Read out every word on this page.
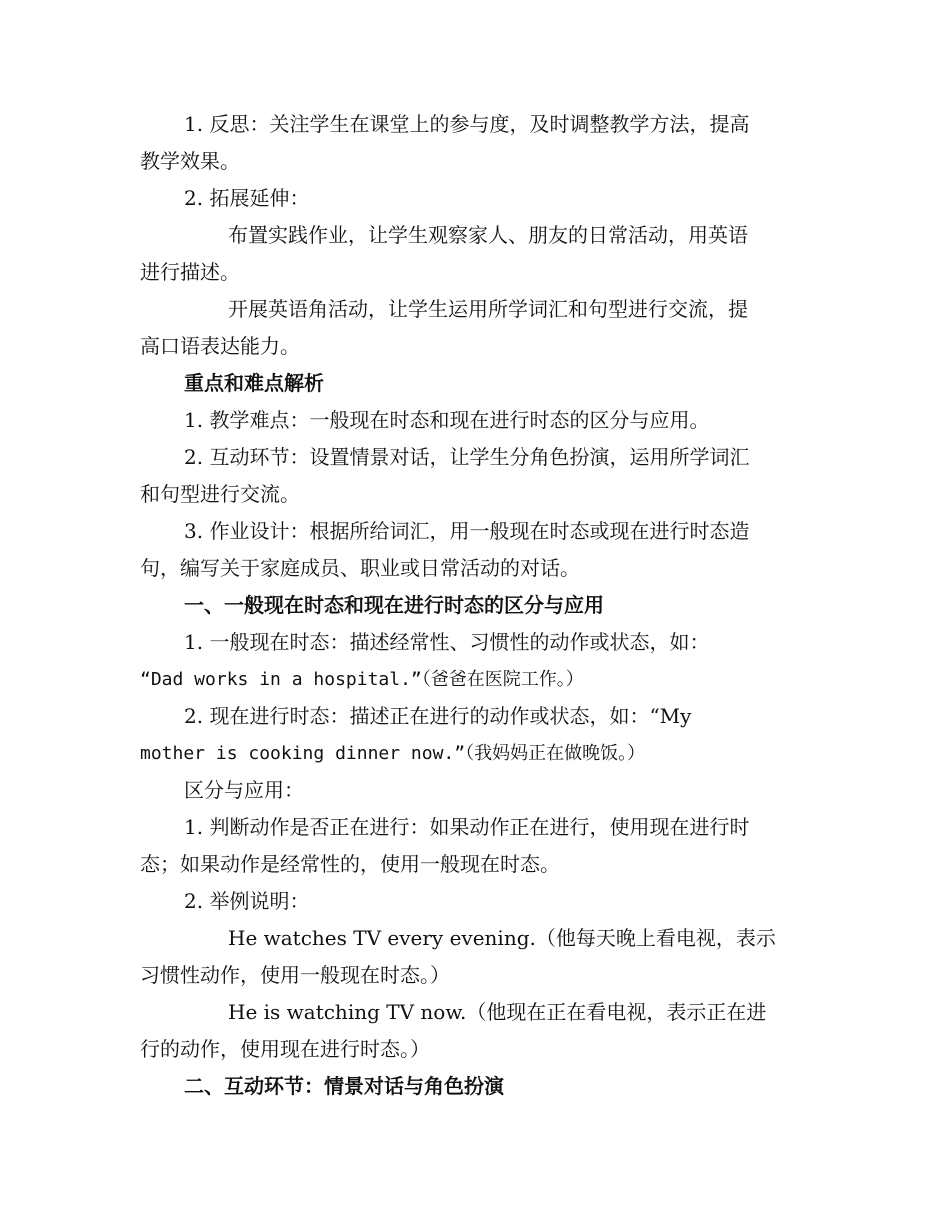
1. 反思：关注学生在课堂上的参与度，及时调整教学方法，提高
教学效果。
2. 拓展延伸：
布置实践作业，让学生观察家人、朋友的日常活动，用英语
进行描述。
开展英语角活动，让学生运用所学词汇和句型进行交流，提
高口语表达能力。
重点和难点解析
1. 教学难点：一般现在时态和现在进行时态的区分与应用。
2. 互动环节：设置情景对话，让学生分角色扮演，运用所学词汇
和句型进行交流。
3. 作业设计：根据所给词汇，用一般现在时态或现在进行时态造
句，编写关于家庭成员、职业或日常活动的对话。
一、一般现在时态和现在进行时态的区分与应用
1. 一般现在时态：描述经常性、习惯性的动作或状态，如：
“Dad works in a hospital.”（爸爸在医院工作。）
2. 现在进行时态：描述正在进行的动作或状态，如：“My
mother is cooking dinner now.”（我妈妈正在做晚饭。）
区分与应用：
1. 判断动作是否正在进行：如果动作正在进行，使用现在进行时
态；如果动作是经常性的，使用一般现在时态。
2. 举例说明：
He watches TV every evening.（他每天晚上看电视，表示
习惯性动作，使用一般现在时态。）
He is watching TV now.（他现在正在看电视，表示正在进
行的动作，使用现在进行时态。）
二、互动环节：情景对话与角色扮演
